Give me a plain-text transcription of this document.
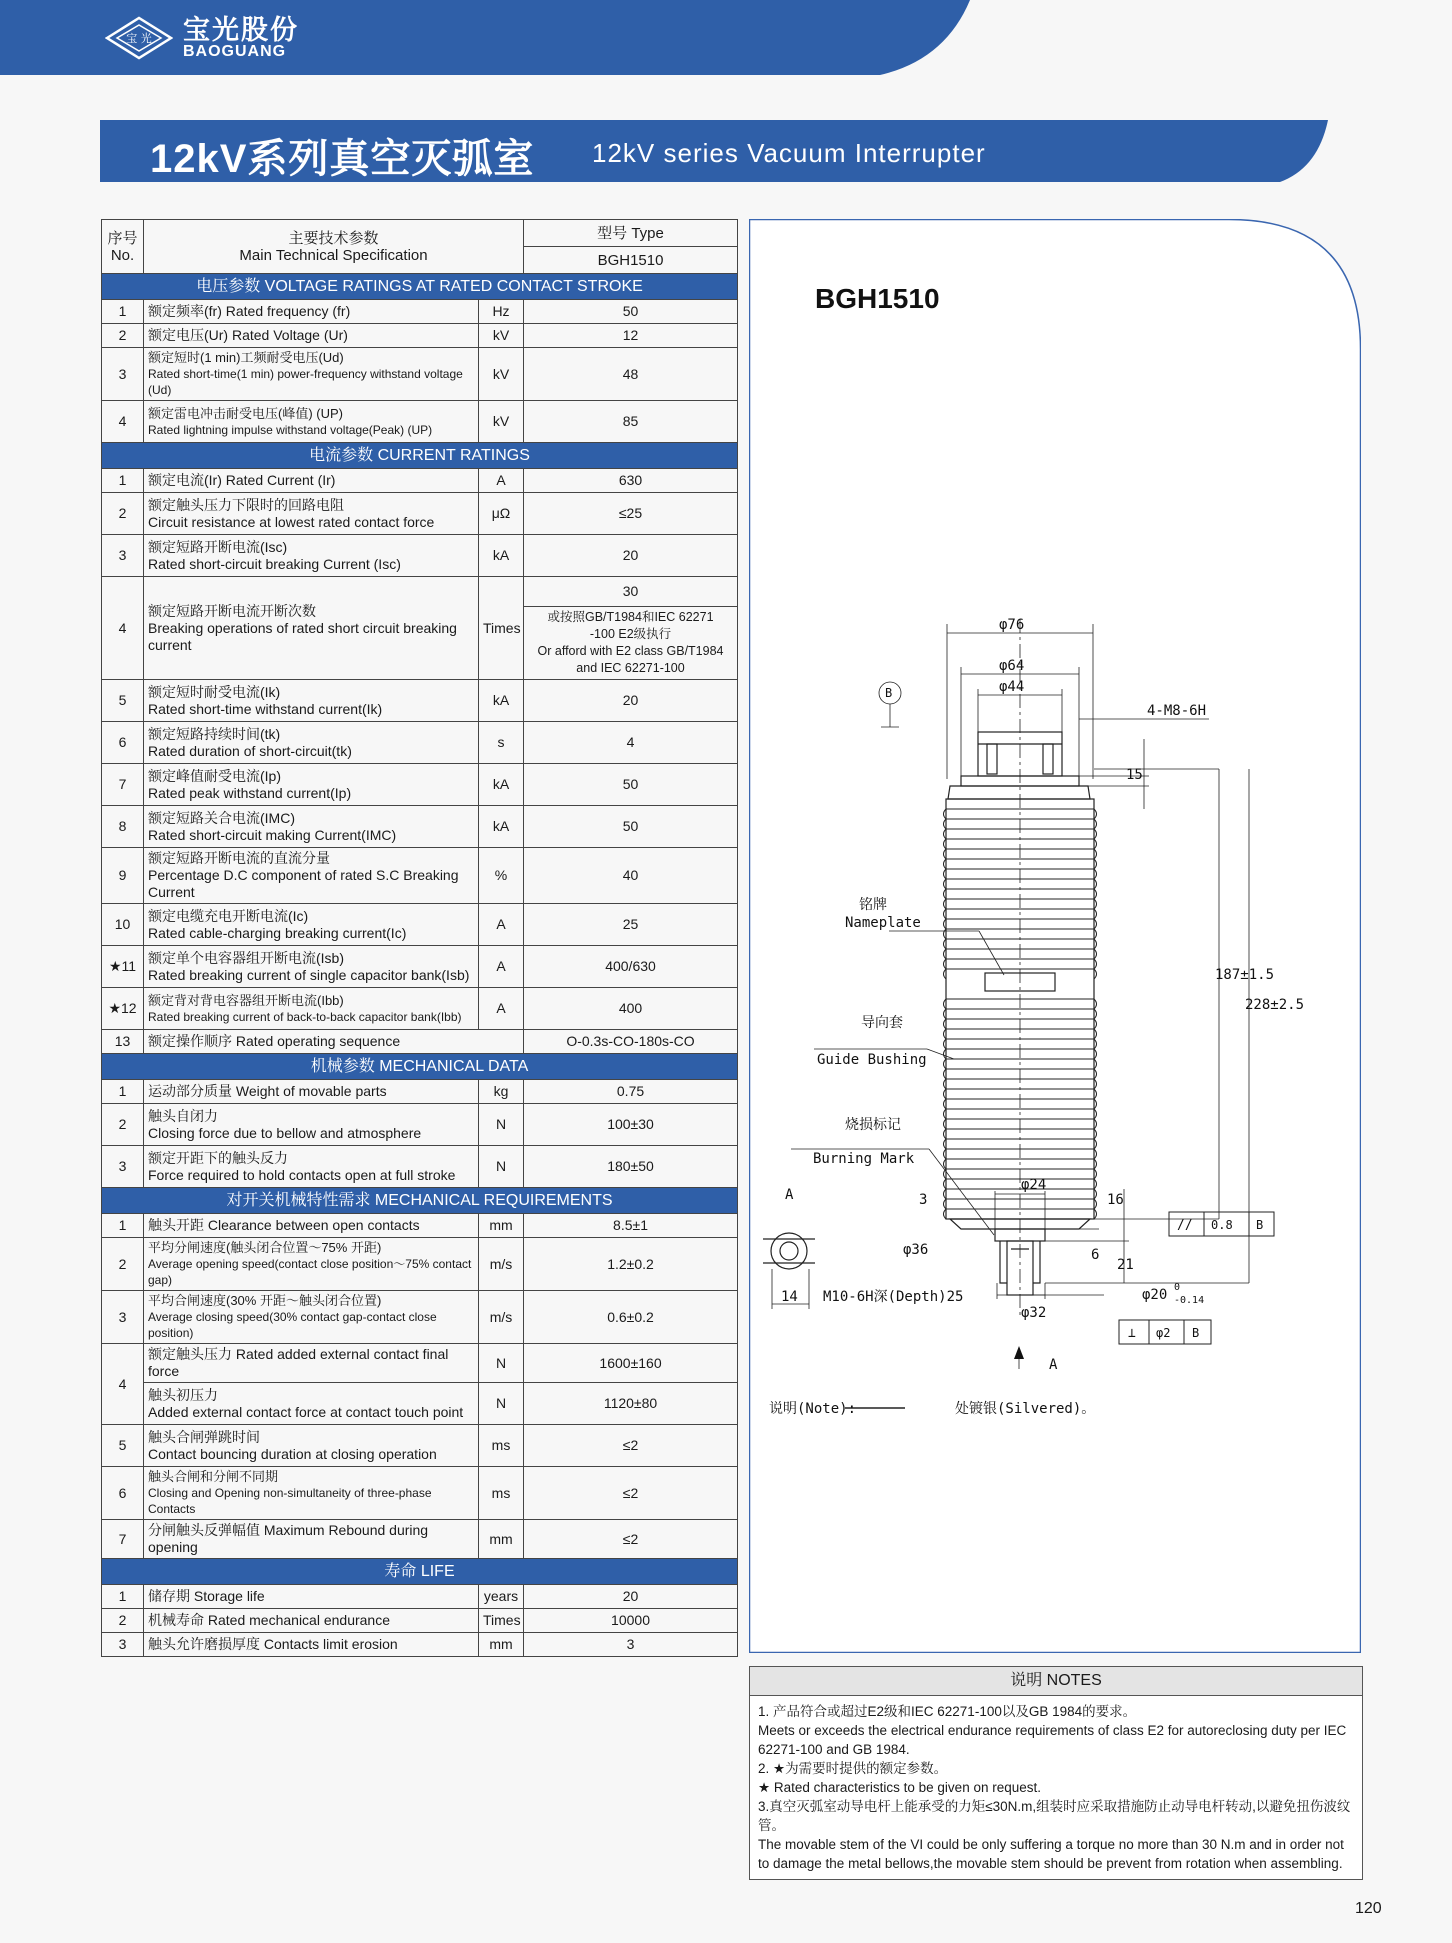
宝 光 宝光股份
BAOGUANG
12kV系列真空灭弧室 12kV series Vacuum Interrupter
序号
No.	主要技术参数
Main Technical Specification		型号 Type
			BGH1510
电压参数 VOLTAGE RATINGS AT RATED CONTACT STROKE			
1	额定频率(fr) Rated frequency (fr)	Hz	50
2	额定电压(Ur) Rated Voltage (Ur)	kV	12
3	额定短时(1 min)工频耐受电压(Ud)
Rated short-time(1 min) power-frequency withstand voltage (Ud)	kV	48
4	额定雷电冲击耐受电压(峰值) (UP)
Rated lightning impulse withstand voltage(Peak) (UP)	kV	85
电流参数 CURRENT RATINGS			
1	额定电流(Ir) Rated Current (Ir)	A	630
2	额定触头压力下限时的回路电阻
Circuit resistance at lowest rated contact force	μΩ	≤25
3	额定短路开断电流(Isc)
Rated short-circuit breaking Current (Isc)	kA	20
4	额定短路开断电流开断次数
Breaking operations of rated short circuit breaking current	Times	30
			或按照GB/T1984和IEC 62271
-100 E2级执行
Or afford with E2 class GB/T1984
and IEC 62271-100
5	额定短时耐受电流(Ik)
Rated short-time withstand current(Ik)	kA	20
6	额定短路持续时间(tk)
Rated duration of short-circuit(tk)	s	4
7	额定峰值耐受电流(Ip)
Rated peak withstand current(Ip)	kA	50
8	额定短路关合电流(IMC)
Rated short-circuit making Current(IMC)	kA	50
9	额定短路开断电流的直流分量
Percentage D.C component of rated S.C Breaking Current	%	40
10	额定电缆充电开断电流(Ic)
Rated cable-charging breaking current(Ic)	A	25
★11	额定单个电容器组开断电流(Isb)
Rated breaking current of single capacitor bank(Isb)	A	400/630
★12	额定背对背电容器组开断电流(Ibb)
Rated breaking current of back-to-back capacitor bank(Ibb)	A	400
13	额定操作顺序 Rated operating sequence		O-0.3s-CO-180s-CO
机械参数 MECHANICAL DATA			
1	运动部分质量 Weight of movable parts	kg	0.75
2	触头自闭力
Closing force due to bellow and atmosphere	N	100±30
3	额定开距下的触头反力
Force required to hold contacts open at full stroke	N	180±50
对开关机械特性需求 MECHANICAL REQUIREMENTS			
1	触头开距 Clearance between open contacts	mm	8.5±1
2	平均分闸速度(触头闭合位置～75% 开距)
Average opening speed(contact close position～75% contact gap)	m/s	1.2±0.2
3	平均合闸速度(30% 开距～触头闭合位置)
Average closing speed(30% contact gap-contact close position)	m/s	0.6±0.2
4	额定触头压力 Rated added external contact final force	N	1600±160
	触头初压力
Added external contact force at contact touch point	N	1120±80
5	触头合闸弹跳时间
Contact bouncing duration at closing operation	ms	≤2
6	触头合闸和分闸不同期
Closing and Opening non-simultaneity of three-phase Contacts	ms	≤2
7	分闸触头反弹幅值 Maximum Rebound during opening	mm	≤2
寿命 LIFE			
1	储存期 Storage life	years	20
2	机械寿命 Rated mechanical endurance	Times	10000
3	触头允许磨损厚度 Contacts limit erosion	mm	3
BGH1510
φ76
φ64
φ44
4-M8-6H
15
187±1.5
228±2.5
φ24
φ36
3	16
6
21
14 M10-6H深(Depth)25
φ32
φ20 0
-0.14
B
A
A
铭牌
Nameplate
导向套
Guide Bushing
烧损标记
Burning Mark
// 0.8 B
⊥ φ2 B
说明(Note):	处镀银(Silvered)。
说明 NOTES
1. 产品符合或超过E2级和IEC 62271-100以及GB 1984的要求。
Meets or exceeds the electrical endurance requirements of class E2 for autoreclosing duty per IEC 62271-100 and GB 1984.
2. ★为需要时提供的额定参数。
★ Rated characteristics to be given on request.
3.真空灭弧室动导电杆上能承受的力矩≤30N.m,组装时应采取措施防止动导电杆转动,以避免扭伤波纹管。
The movable stem of the VI could be only suffering a torque no more than 30 N.m and in order not to damage the metal bellows,the movable stem should be prevent from rotation when assembling.
120
